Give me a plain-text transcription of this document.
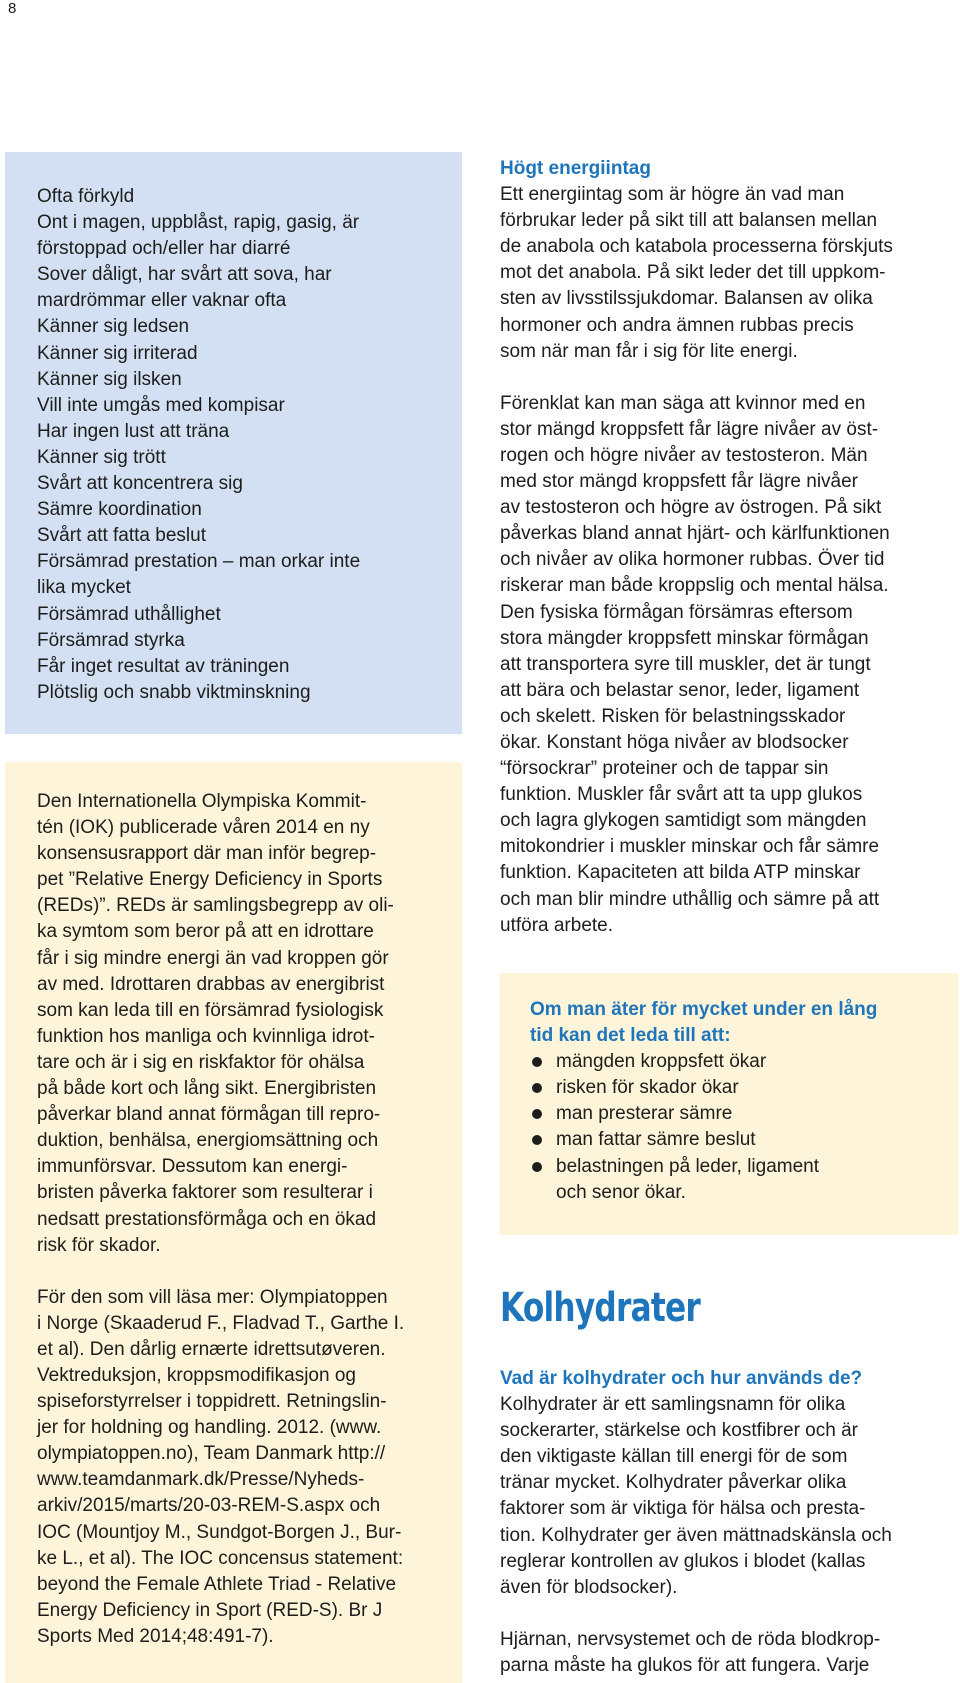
8
Ofta förkyld
Ont i magen, uppblåst, rapig, gasig, är
förstoppad och/eller har diarré
Sover dåligt, har svårt att sova, har
mardrömmar eller vaknar ofta
Känner sig ledsen
Känner sig irriterad
Känner sig ilsken
Vill inte umgås med kompisar
Har ingen lust att träna
Känner sig trött
Svårt att koncentrera sig
Sämre koordination
Svårt att fatta beslut
Försämrad prestation – man orkar inte
lika mycket
Försämrad uthållighet
Försämrad styrka
Får inget resultat av träningen
Plötslig och snabb viktminskning

Den Internationella Olympiska Kommit-
tén (IOK) publicerade våren 2014 en ny
konsensusrapport där man inför begrep-
pet ”Relative Energy Deficiency in Sports
(REDs)”. REDs är samlingsbegrepp av oli-
ka symtom som beror på att en idrottare
får i sig mindre energi än vad kroppen gör
av med. Idrottaren drabbas av energibrist
som kan leda till en försämrad fysiologisk
funktion hos manliga och kvinnliga idrot-
tare och är i sig en riskfaktor för ohälsa
på både kort och lång sikt. Energibristen
påverkar bland annat förmågan till repro-
duktion, benhälsa, energiomsättning och
immunförsvar. Dessutom kan energi-
bristen påverka faktorer som resulterar i
nedsatt prestationsförmåga och en ökad
risk för skador.

För den som vill läsa mer: Olympiatoppen
i Norge (Skaaderud F., Fladvad T., Garthe I.
et al). Den dårlig ernærte idrettsutøveren.
Vektreduksjon, kroppsmodifikasjon og
spiseforstyrrelser i toppidrett. Retningslin-
jer for holdning og handling. 2012. (www.
olympiatoppen.no), Team Danmark http://
www.teamdanmark.dk/Presse/Nyheds-
arkiv/2015/marts/20-03-REM-S.aspx och
IOC (Mountjoy M., Sundgot-Borgen J., Bur-
ke L., et al). The IOC concensus statement:
beyond the Female Athlete Triad - Relative
Energy Deficiency in Sport (RED-S). Br J
Sports Med 2014;48:491-7).

Högt energiintag

Ett energiintag som är högre än vad man
förbrukar leder på sikt till att balansen mellan
de anabola och katabola processerna förskjuts
mot det anabola. På sikt leder det till uppkom-
sten av livsstilssjukdomar. Balansen av olika
hormoner och andra ämnen rubbas precis
som när man får i sig för lite energi.

Förenklat kan man säga att kvinnor med en
stor mängd kroppsfett får lägre nivåer av öst-
rogen och högre nivåer av testosteron. Män
med stor mängd kroppsfett får lägre nivåer
av testosteron och högre av östrogen. På sikt
påverkas bland annat hjärt- och kärlfunktionen
och nivåer av olika hormoner rubbas. Över tid
riskerar man både kroppslig och mental hälsa.
Den fysiska förmågan försämras eftersom
stora mängder kroppsfett minskar förmågan
att transportera syre till muskler, det är tungt
att bära och belastar senor, leder, ligament
och skelett. Risken för belastningsskador
ökar. Konstant höga nivåer av blodsocker
“försockrar” proteiner och de tappar sin
funktion. Muskler får svårt att ta upp glukos
och lagra glykogen samtidigt som mängden
mitokondrier i muskler minskar och får sämre
funktion. Kapaciteten att bilda ATP minskar
och man blir mindre uthållig och sämre på att
utföra arbete.

Om man äter för mycket under en lång
tid kan det leda till att:
mängden kroppsfett ökar
risken för skador ökar
man presterar sämre
man fattar sämre beslut
belastningen på leder, ligament
och senor ökar.
Kolhydrater
Vad är kolhydrater och hur används de?

Kolhydrater är ett samlingsnamn för olika
sockerarter, stärkelse och kostfibrer och är
den viktigaste källan till energi för de som
tränar mycket. Kolhydrater påverkar olika
faktorer som är viktiga för hälsa och presta-
tion. Kolhydrater ger även mättnadskänsla och
reglerar kontrollen av glukos i blodet (kallas
även för blodsocker).

Hjärnan, nervsystemet och de röda blodkrop-
parna måste ha glukos för att fungera. Varje
